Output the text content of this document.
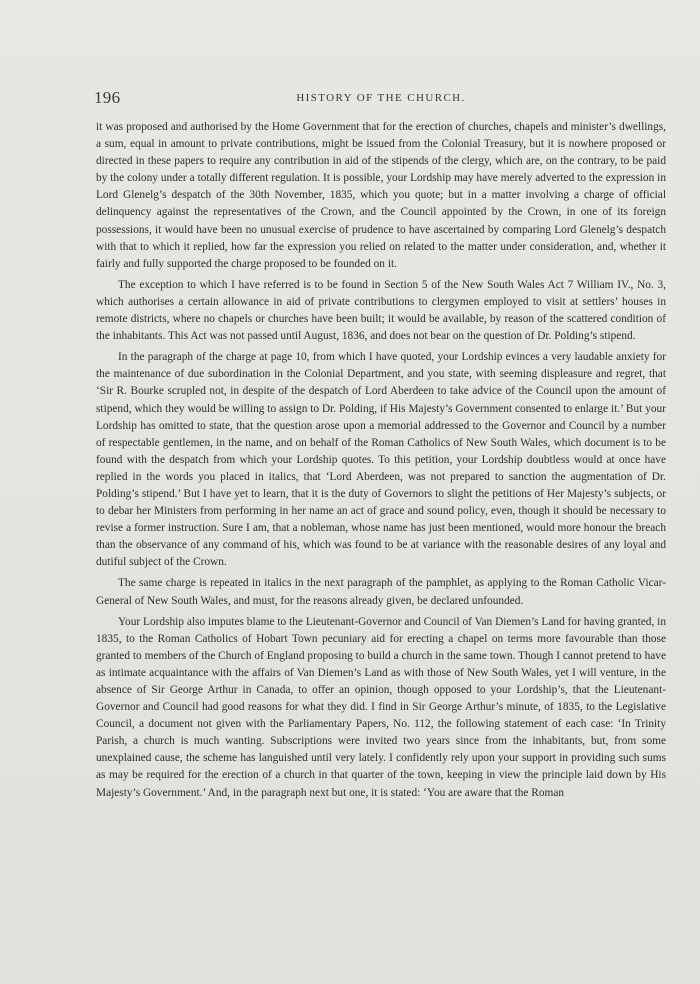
196	HISTORY OF THE CHURCH.

it was proposed and authorised by the Home Government that for the erection of churches, chapels and minister’s dwellings, a sum, equal in amount to private contributions, might be issued from the Colonial Treasury, but it is nowhere proposed or directed in these papers to require any contribution in aid of the stipends of the clergy, which are, on the contrary, to be paid by the colony under a totally different regulation. It is possible, your Lordship may have merely adverted to the expression in Lord Glenelg’s despatch of the 30th November, 1835, which you quote; but in a matter involving a charge of official delinquency against the representatives of the Crown, and the Council appointed by the Crown, in one of its foreign possessions, it would have been no unusual exercise of prudence to have ascertained by comparing Lord Glenelg’s despatch with that to which it replied, how far the expression you relied on related to the matter under consideration, and, whether it fairly and fully supported the charge proposed to be founded on it.

The exception to which I have referred is to be found in Section 5 of the New South Wales Act 7 William IV., No. 3, which authorises a certain allowance in aid of private contributions to clergymen employed to visit at settlers’ houses in remote districts, where no chapels or churches have been built; it would be available, by reason of the scattered condition of the inhabitants. This Act was not passed until August, 1836, and does not bear on the question of Dr. Polding’s stipend.

In the paragraph of the charge at page 10, from which I have quoted, your Lordship evinces a very laudable anxiety for the maintenance of due subordination in the Colonial Department, and you state, with seeming displeasure and regret, that ‘Sir R. Bourke scrupled not, in despite of the despatch of Lord Aberdeen to take advice of the Council upon the amount of stipend, which they would be willing to assign to Dr. Polding, if His Majesty’s Government consented to enlarge it.’ But your Lordship has omitted to state, that the question arose upon a memorial addressed to the Governor and Council by a number of respectable gentlemen, in the name, and on behalf of the Roman Catholics of New South Wales, which document is to be found with the despatch from which your Lordship quotes. To this petition, your Lordship doubtless would at once have replied in the words you placed in italics, that ‘Lord Aberdeen, was not prepared to sanction the augmentation of Dr. Polding’s stipend.’ But I have yet to learn, that it is the duty of Governors to slight the petitions of Her Majesty’s subjects, or to debar her Ministers from performing in her name an act of grace and sound policy, even, though it should be necessary to revise a former instruction. Sure I am, that a nobleman, whose name has just been mentioned, would more honour the breach than the observance of any command of his, which was found to be at variance with the reasonable desires of any loyal and dutiful subject of the Crown.

The same charge is repeated in italics in the next paragraph of the pamphlet, as applying to the Roman Catholic Vicar-General of New South Wales, and must, for the reasons already given, be declared unfounded.

Your Lordship also imputes blame to the Lieutenant-Governor and Council of Van Diemen’s Land for having granted, in 1835, to the Roman Catholics of Hobart Town pecuniary aid for erecting a chapel on terms more favourable than those granted to members of the Church of England proposing to build a church in the same town. Though I cannot pretend to have as intimate acquaintance with the affairs of Van Diemen’s Land as with those of New South Wales, yet I will venture, in the absence of Sir George Arthur in Canada, to offer an opinion, though opposed to your Lordship’s, that the Lieutenant-Governor and Council had good reasons for what they did. I find in Sir George Arthur’s minute, of 1835, to the Legislative Council, a document not given with the Parliamentary Papers, No. 112, the following statement of each case: ‘In Trinity Parish, a church is much wanting. Subscriptions were invited two years since from the inhabitants, but, from some unexplained cause, the scheme has languished until very lately. I confidently rely upon your support in providing such sums as may be required for the erection of a church in that quarter of the town, keeping in view the principle laid down by His Majesty’s Government.’ And, in the paragraph next but one, it is stated: ‘You are aware that the Roman
